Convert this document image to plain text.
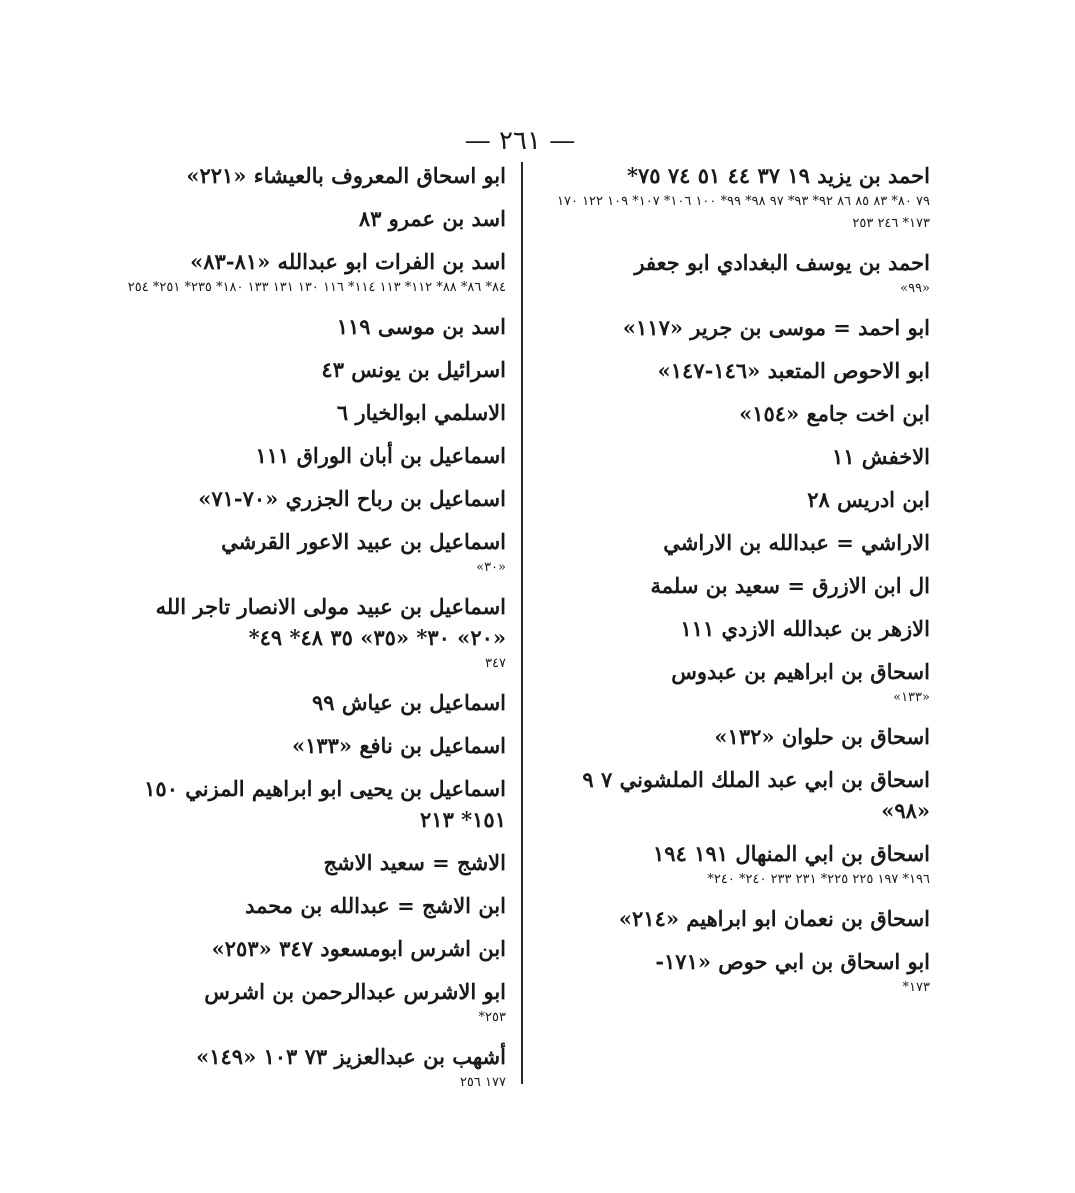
— ٢٦١ —
احمد بن يزيد ١٩ ٣٧ ٤٤ ٥١ ٧٤ ٧٥*
٧٩ ٨٠* ٨٣ ٨٥ ٨٦ ٩٢* ٩٣* ٩٧ ٩٨* ٩٩* ١٠٠ ١٠٦* ١٠٧* ١٠٩ ١٢٢ ١٧٠ ١٧٣* ٢٤٦ ٢٥٣
احمد بن يوسف البغدادي ابو جعفر
«٩٩»
ابو احمد = موسى بن جرير «١١٧»
ابو الاحوص المتعبد «١٤٦-١٤٧»
ابن اخت جامع «١٥٤»
الاخفش ١١
ابن ادريس ٢٨
الاراشي = عبدالله بن الاراشي
ال ابن الازرق = سعيد بن سلمة
الازهر بن عبدالله الازدي ١١١
اسحاق بن ابراهيم بن عبدوس
«١٣٣»
اسحاق بن حلوان «١٣٢»
اسحاق بن ابي عبد الملك الملشوني ٧ ٩ «٩٨»
اسحاق بن ابي المنهال ١٩١ ١٩٤
١٩٦* ١٩٧ ٢٢٥ ٢٢٥* ٢٣١ ٢٣٣ ٢٤٠* ٢٤٠*
اسحاق بن نعمان ابو ابراهيم «٢١٤»
ابو اسحاق بن ابي حوص «١٧١-
١٧٣*
ابو اسحاق المعروف بالعيشاء «٢٢١»
اسد بن عمرو ٨٣
اسد بن الفرات ابو عبدالله «٨١-٨٣»
٨٤* ٨٦* ٨٨* ١١٢* ١١٣ ١١٤* ١١٦ ١٣٠ ١٣١ ١٣٣ ١٨٠* ٢٣٥* ٢٥١* ٢٥٤
اسد بن موسى ١١٩
اسرائيل بن يونس ٤٣
الاسلمي ابوالخيار ٦
اسماعيل بن أبان الوراق ١١١
اسماعيل بن رباح الجزري «٧٠-٧١»
اسماعيل بن عبيد الاعور القرشي
«٣٠»
اسماعيل بن عبيد مولى الانصار تاجر الله «٢٠» ٣٠* «٣٥» ٣٥ ٤٨* ٤٩*
٣٤٧
اسماعيل بن عياش ٩٩
اسماعيل بن نافع «١٣٣»
اسماعيل بن يحيى ابو ابراهيم المزني ١٥٠ ١٥١* ٢١٣
الاشج = سعيد الاشج
ابن الاشج = عبدالله بن محمد
ابن اشرس ابومسعود ٣٤٧ «٢٥٣»
ابو الاشرس عبدالرحمن بن اشرس
٢٥٣*
أشهب بن عبدالعزيز ٧٣ ١٠٣ «١٤٩»
١٧٧ ٢٥٦
